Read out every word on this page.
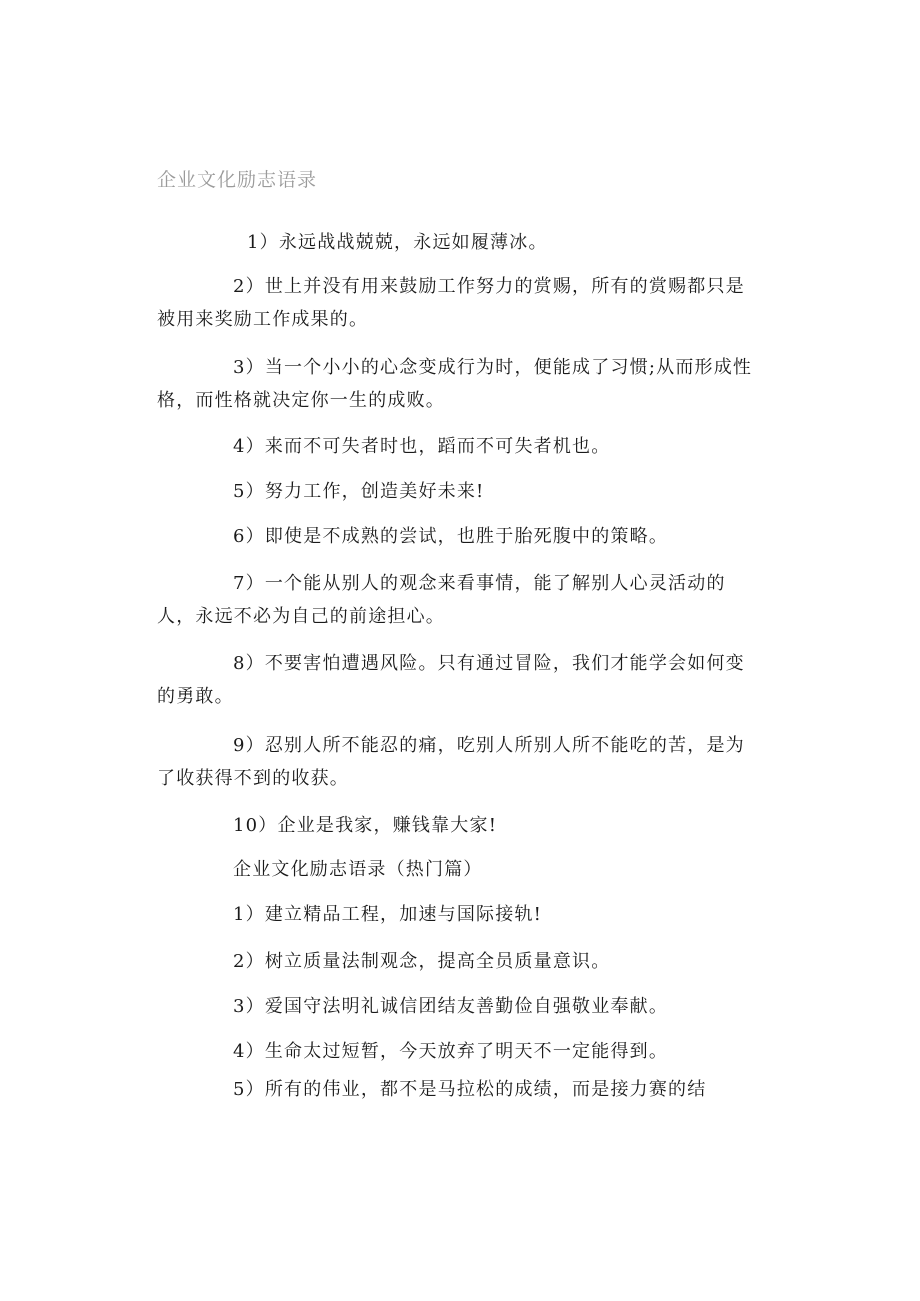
企业文化励志语录

1）永远战战兢兢，永远如履薄冰。

2）世上并没有用来鼓励工作努力的赏赐，所有的赏赐都只是被用来奖励工作成果的。

3）当一个小小的心念变成行为时，便能成了习惯;从而形成性格，而性格就决定你一生的成败。

4）来而不可失者时也，蹈而不可失者机也。

5）努力工作，创造美好未来!

6）即使是不成熟的尝试，也胜于胎死腹中的策略。

7）一个能从别人的观念来看事情，能了解别人心灵活动的人，永远不必为自己的前途担心。

8）不要害怕遭遇风险。只有通过冒险，我们才能学会如何变的勇敢。

9）忍别人所不能忍的痛，吃别人所别人所不能吃的苦，是为了收获得不到的收获。

10）企业是我家，赚钱靠大家!

企业文化励志语录（热门篇）

1）建立精品工程，加速与国际接轨!

2）树立质量法制观念，提高全员质量意识。

3）爱国守法明礼诚信团结友善勤俭自强敬业奉献。

4）生命太过短暂，今天放弃了明天不一定能得到。

5）所有的伟业，都不是马拉松的成绩，而是接力赛的结
